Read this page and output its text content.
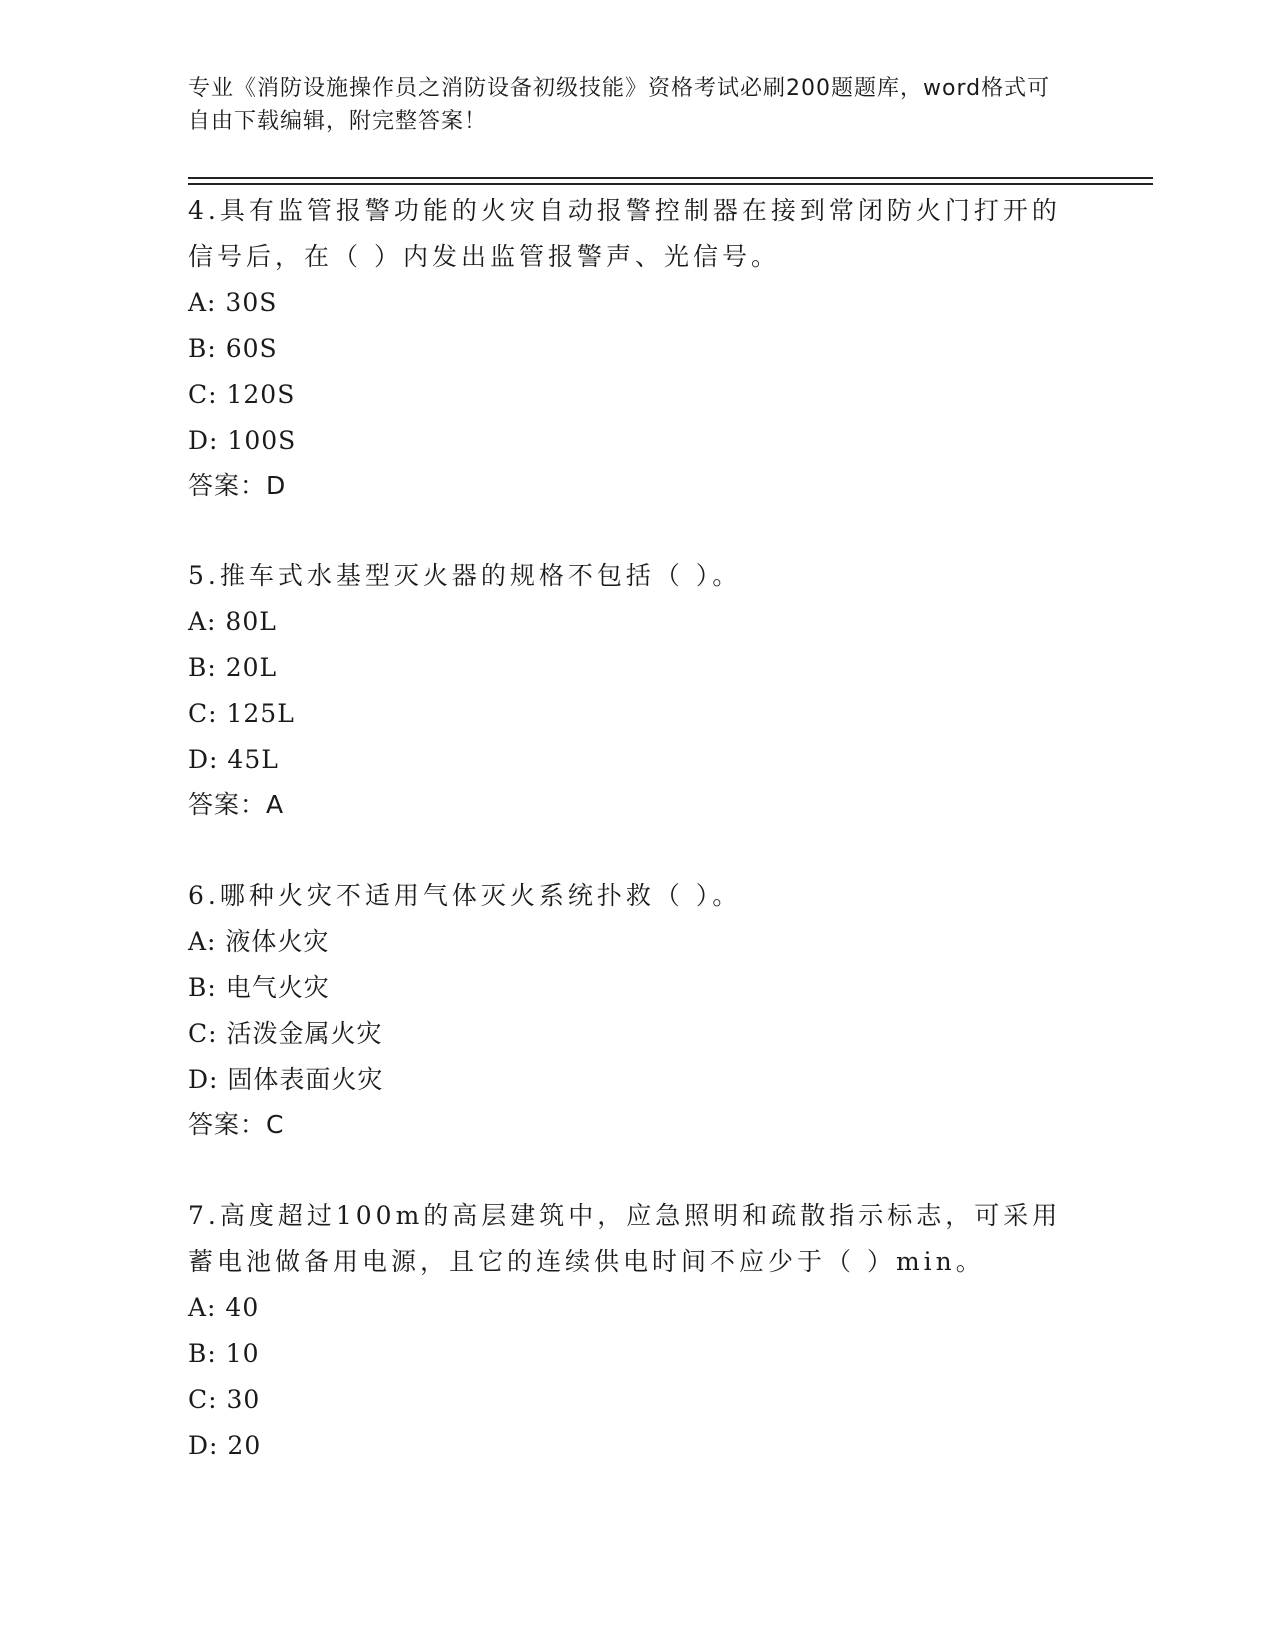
专业《消防设施操作员之消防设备初级技能》资格考试必刷200题题库，word格式可自由下载编辑，附完整答案！
4.具有监管报警功能的火灾自动报警控制器在接到常闭防火门打开的信号后，在（ ）内发出监管报警声、光信号。
A: 30S
B: 60S
C: 120S
D: 100S
答案：D
5.推车式水基型灭火器的规格不包括（ ）。
A: 80L
B: 20L
C: 125L
D: 45L
答案：A
6.哪种火灾不适用气体灭火系统扑救（ ）。
A: 液体火灾
B: 电气火灾
C: 活泼金属火灾
D: 固体表面火灾
答案：C
7.高度超过100m的高层建筑中，应急照明和疏散指示标志，可采用蓄电池做备用电源，且它的连续供电时间不应少于（ ）min。
A: 40
B: 10
C: 30
D: 20
